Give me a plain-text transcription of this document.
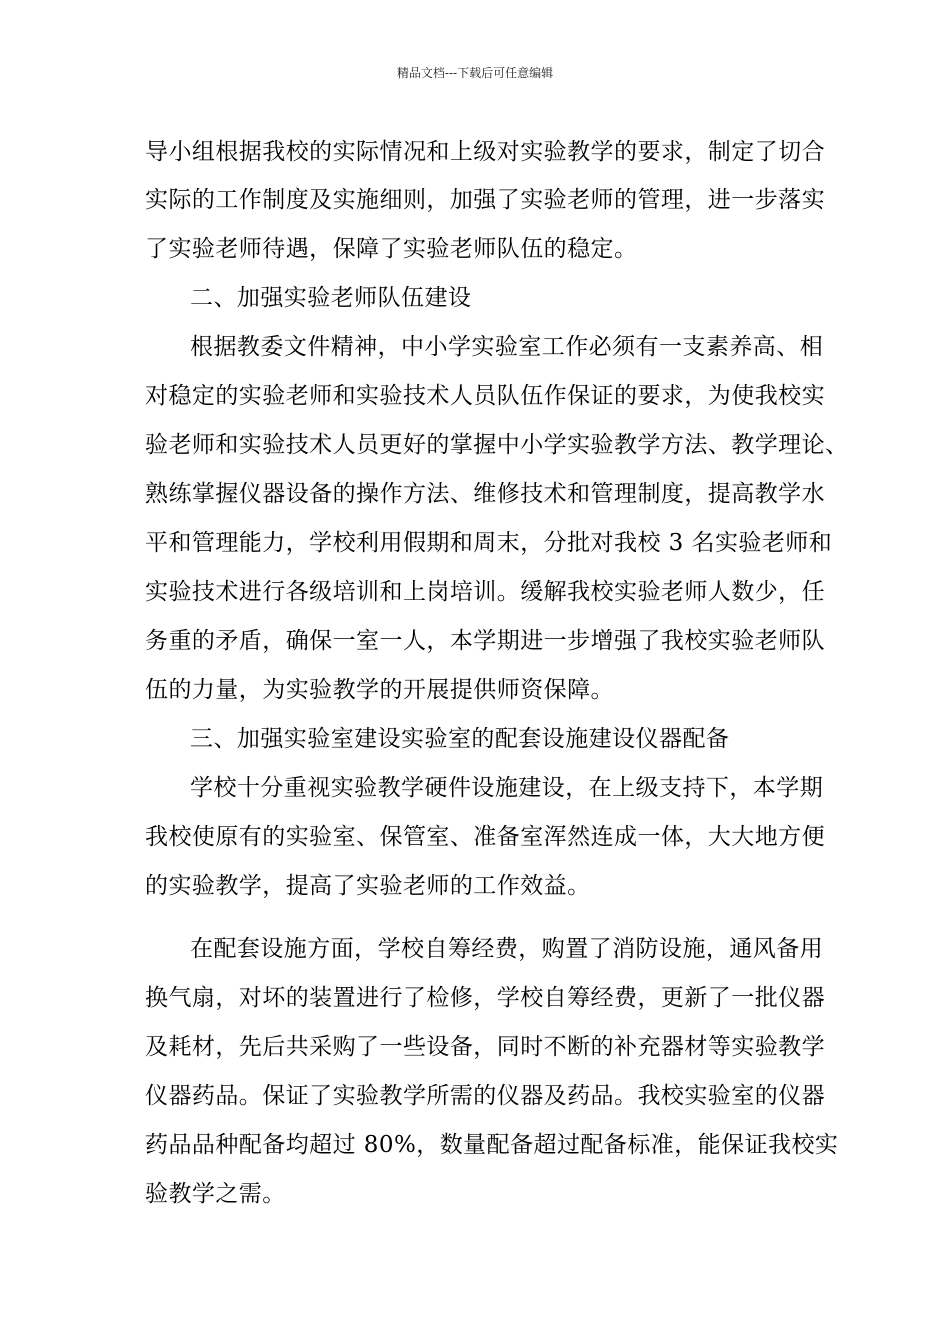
精品文档---下载后可任意编辑
导小组根据我校的实际情况和上级对实验教学的要求，制定了切合
实际的工作制度及实施细则，加强了实验老师的管理，进一步落实
了实验老师待遇，保障了实验老师队伍的稳定。
二、加强实验老师队伍建设
根据教委文件精神，中小学实验室工作必须有一支素养高、相
对稳定的实验老师和实验技术人员队伍作保证的要求，为使我校实
验老师和实验技术人员更好的掌握中小学实验教学方法、教学理论、
熟练掌握仪器设备的操作方法、维修技术和管理制度，提高教学水
平和管理能力，学校利用假期和周末，分批对我校 3 名实验老师和
实验技术进行各级培训和上岗培训。缓解我校实验老师人数少，任
务重的矛盾，确保一室一人，本学期进一步增强了我校实验老师队
伍的力量，为实验教学的开展提供师资保障。
三、加强实验室建设实验室的配套设施建设仪器配备
学校十分重视实验教学硬件设施建设，在上级支持下，本学期
我校使原有的实验室、保管室、准备室浑然连成一体，大大地方便
的实验教学，提高了实验老师的工作效益。
在配套设施方面，学校自筹经费，购置了消防设施，通风备用
换气扇，对坏的装置进行了检修，学校自筹经费，更新了一批仪器
及耗材，先后共采购了一些设备，同时不断的补充器材等实验教学
仪器药品。保证了实验教学所需的仪器及药品。我校实验室的仪器
药品品种配备均超过 80%，数量配备超过配备标准，能保证我校实
验教学之需。
